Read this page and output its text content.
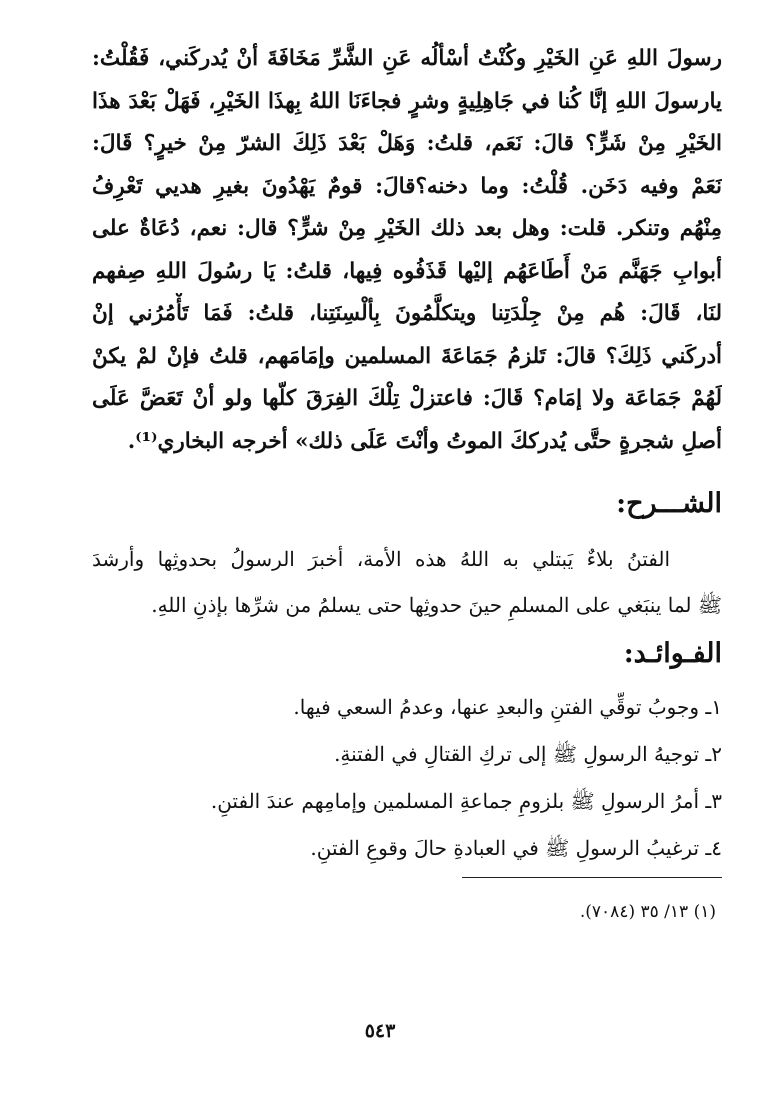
رسولَ اللهِ عَنِ الخَيْرِ وكُنْتُ أسْألُه عَنِ الشَّرِّ مَخَافَةَ أنْ يُدركَني، فَقُلْتُ:
يارسولَ اللهِ إنَّا كُنا في جَاهِلِيةٍ وشرٍ فجاءَنَا اللهُ بِهذَا الخَيْرِ، فَهَلْ بَعْدَ هذَا
الخَيْرِ مِنْ شَرٍّ؟ قالَ: نَعَم، قلتُ: وَهَلْ بَعْدَ ذَلِكَ الشرّ مِنْ خيرٍ؟ قَالَ:
نَعَمْ وفيه دَخَن. قُلْتُ: وما دخنه؟قالَ: قومٌ يَهْدُونَ بغيرِ هديي تَعْرِفُ
مِنْهُم وتنكر. قلت: وهل بعد ذلك الخَيْرِ مِنْ شرٍّ؟ قال: نعم، دُعَاةٌ على
أبوابِ جَهَنَّم مَنْ أَطَاعَهُم إليْها قَذَفُوه فِيها، قلتُ: يَا رسُولَ اللهِ صِفهم
لنَا، قَالَ: هُم مِنْ جِلْدَتِنا ويتكلَّمُونَ بِألْسِنَتِنا، قلتُ: فَمَا تَأْمُرُني إنْ
أدركَني ذَلِكَ؟ قالَ: تَلزمُ جَمَاعَةَ المسلمين وإمَامَهم، قلتُ فإنْ لمْ يكنْ
لَهُمْ جَمَاعَة ولا إمَام؟ قَالَ: فاعتزلْ تِلْكَ الفِرَقَ كلّها ولو أنْ تَعَضَّ عَلَى
أصلِ شجرةٍ حتَّى يُدرككَ الموتُ وأنْتَ عَلَى ذلك» أخرجه البخاري⁽¹⁾.
الشـــرح:
الفتنُ بلاءٌ يَبتلي به اللهُ هذه الأمة، أخبرَ الرسولُ بحدوثِها وأرشدَ
ﷺ لما ينبَغي على المسلمِ حينَ حدوثِها حتى يسلمُ من شرِّها بإذنِ اللهِ.
الفـوائـد:
١ـ وجوبُ توقِّي الفتنِ والبعدِ عنها، وعدمُ السعي فيها.
٢ـ توجيهُ الرسولِ ﷺ إلى تركِ القتالِ في الفتنةِ.
٣ـ أمرُ الرسولِ ﷺ بلزومِ جماعةِ المسلمين وإمامِهم عندَ الفتنِ.
٤ـ ترغيبُ الرسولِ ﷺ في العبادةِ حالَ وقوعِ الفتنِ.
(١) ١٣/ ٣٥ (٧٠٨٤).
٥٤٣
